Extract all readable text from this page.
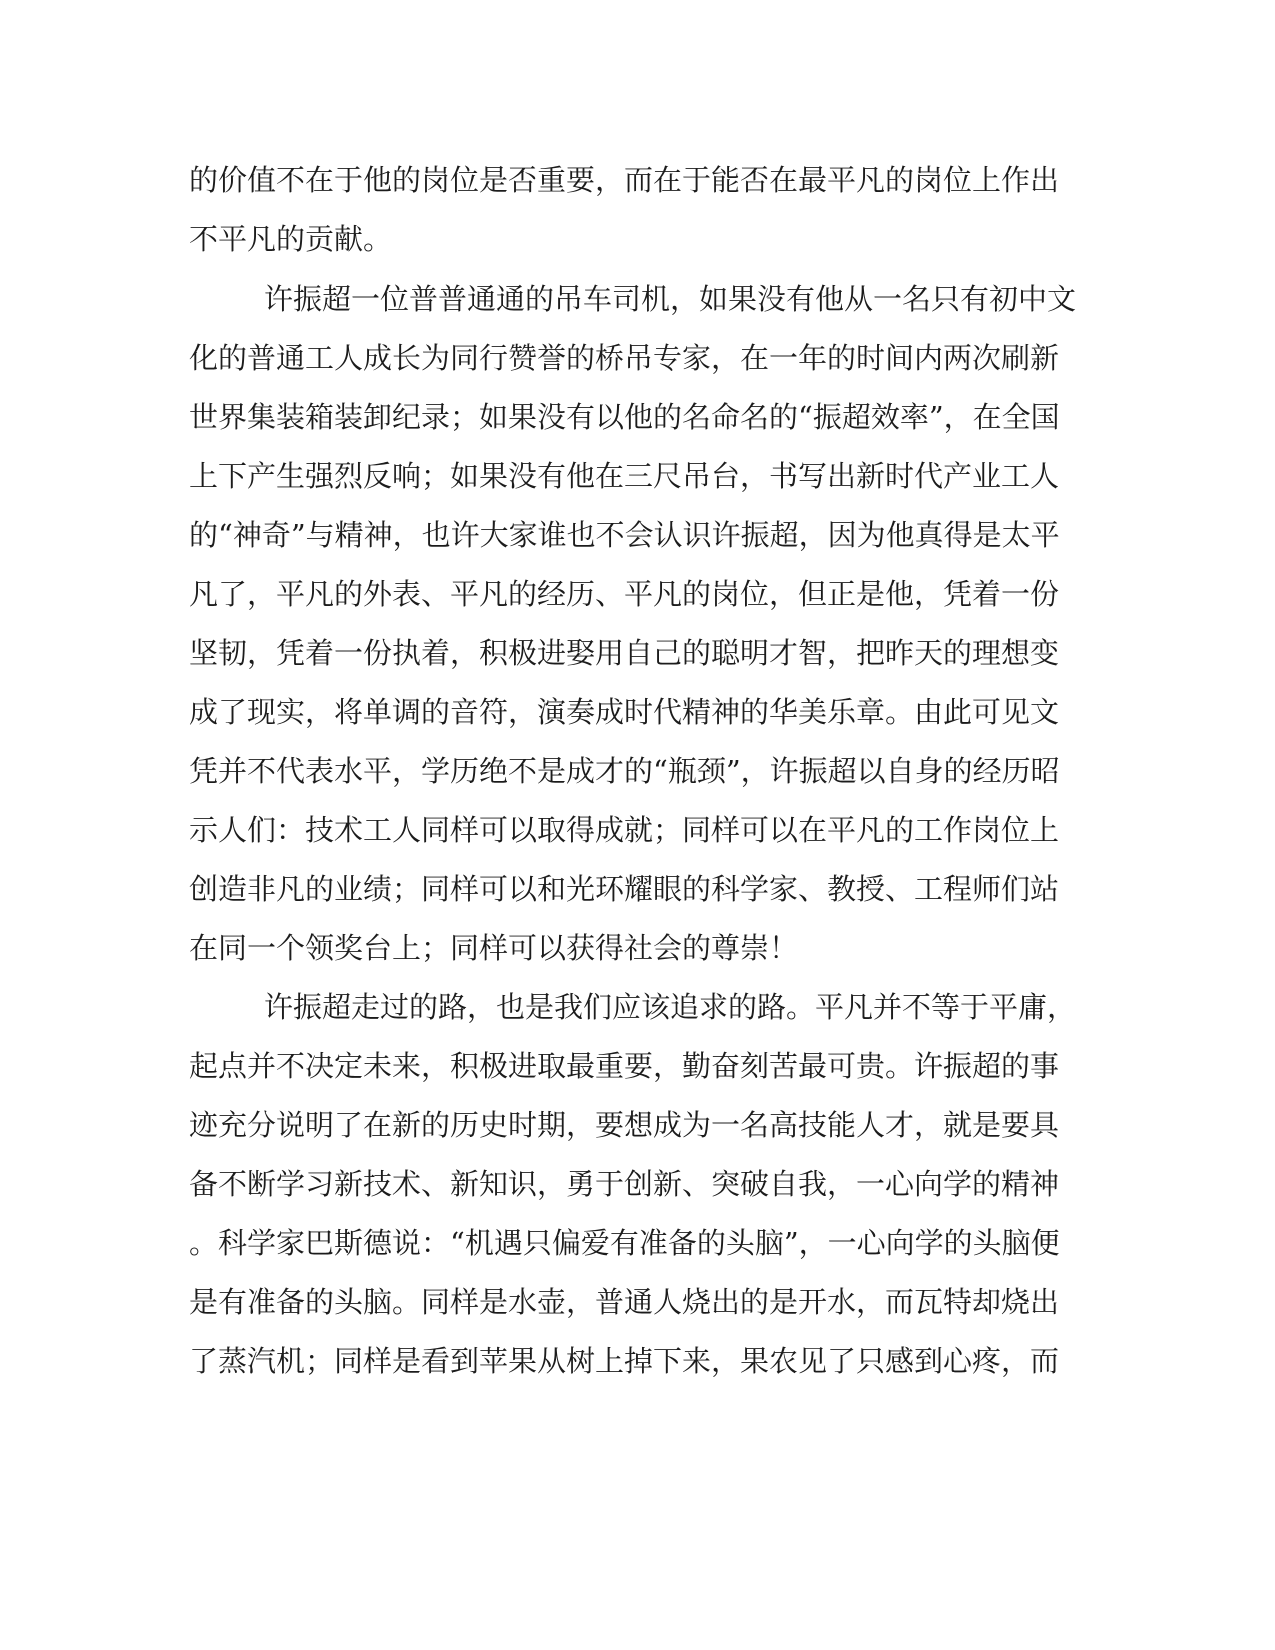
的价值不在于他的岗位是否重要，而在于能否在最平凡的岗位上作出

不平凡的贡献。

许振超一位普普通通的吊车司机，如果没有他从一名只有初中文

化的普通工人成长为同行赞誉的桥吊专家，在一年的时间内两次刷新

世界集装箱装卸纪录；如果没有以他的名命名的“振超效率”，在全国

上下产生强烈反响；如果没有他在三尺吊台，书写出新时代产业工人

的“神奇”与精神，也许大家谁也不会认识许振超，因为他真得是太平

凡了，平凡的外表、平凡的经历、平凡的岗位，但正是他，凭着一份

坚韧，凭着一份执着，积极进娶用自己的聪明才智，把昨天的理想变

成了现实，将单调的音符，演奏成时代精神的华美乐章。由此可见文

凭并不代表水平，学历绝不是成才的“瓶颈”，许振超以自身的经历昭

示人们：技术工人同样可以取得成就；同样可以在平凡的工作岗位上

创造非凡的业绩；同样可以和光环耀眼的科学家、教授、工程师们站

在同一个领奖台上；同样可以获得社会的尊崇！

许振超走过的路，也是我们应该追求的路。平凡并不等于平庸，

起点并不决定未来，积极进取最重要，勤奋刻苦最可贵。许振超的事

迹充分说明了在新的历史时期，要想成为一名高技能人才，就是要具

备不断学习新技术、新知识，勇于创新、突破自我，一心向学的精神

。科学家巴斯德说：“机遇只偏爱有准备的头脑”，一心向学的头脑便

是有准备的头脑。同样是水壶，普通人烧出的是开水，而瓦特却烧出

了蒸汽机；同样是看到苹果从树上掉下来，果农见了只感到心疼，而
